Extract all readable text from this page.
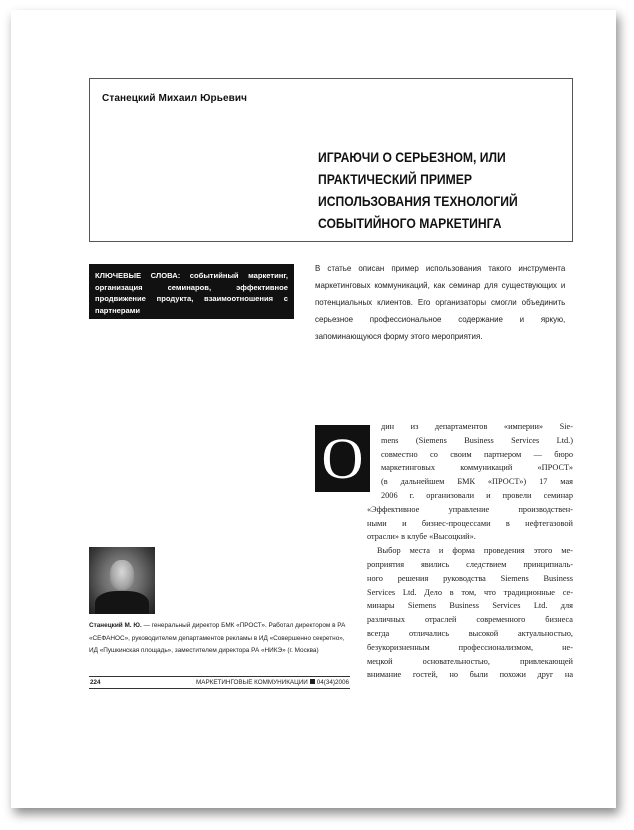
Станецкий Михаил Юрьевич
ИГРАЮЧИ О СЕРЬЕЗНОМ, ИЛИ
ПРАКТИЧЕСКИЙ ПРИМЕР
ИСПОЛЬЗОВАНИЯ ТЕХНОЛОГИЙ
СОБЫТИЙНОГО МАРКЕТИНГА
КЛЮЧЕВЫЕ СЛОВА: событийный маркетинг, организация семинаров, эффективное продвижение продукта, взаимоотношения с партнерами
В статье описан пример использования такого инструмента маркетинговых коммуникаций, как семинар для существующих и потенциальных клиентов. Его организаторы смогли объединить серьезное профессиональное содержание и яркую, запоминающуюся форму этого мероприятия.
О	дин из департаментов «империи» Sie-
mens (Siemens Business Services Ltd.)
совместно со своим партнером — бюро
маркетинговых коммуникаций «ПРОСТ»
(в дальнейшем БМК «ПРОСТ») 17 мая
2006 г. организовали и провели семинар
«Эффективное управление производствен-
ными и бизнес-процессами в нефтегазовой
отрасли» в клубе «Высоцкий».
Выбор места и форма проведения этого ме-
роприятия явились следствием принципиаль-
ного решения руководства Siemens Business
Services Ltd. Дело в том, что традиционные се-
минары Siemens Business Services Ltd. для
различных отраслей современного бизнеса
всегда отличались высокой актуальностью,
безукоризненным профессионализмом, не-
мецкой основательностью, привлекающей
внимание гостей, но были похожи друг на
Станецкий М. Ю. — генеральный директор БМК «ПРОСТ». Работал директором в РА «СЕФАНОС», руководителем департаментов рекламы в ИД «Совершенно секретно», ИД «Пушкинская площадь», заместителем директора РА «НИКЭ» (г. Москва)
224	МАРКЕТИНГОВЫЕ КОММУНИКАЦИИ 04(34)2006
